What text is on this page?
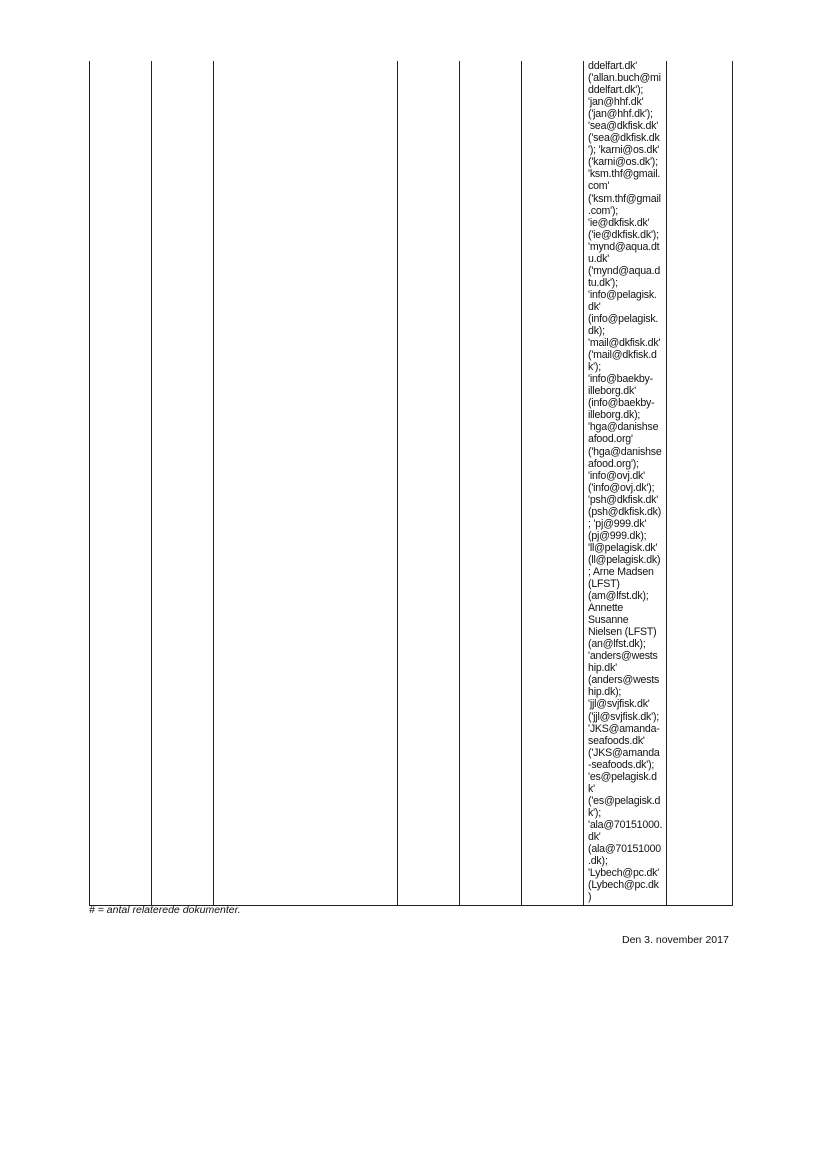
ddelfart.dk'
('allan.buch@mi
ddelfart.dk');
'jan@hhf.dk'
('jan@hhf.dk');
'sea@dkfisk.dk'
('sea@dkfisk.dk
'); 'karni@os.dk'
('karni@os.dk');
'ksm.thf@gmail.
com'
('ksm.thf@gmail
.com');
'ie@dkfisk.dk'
('ie@dkfisk.dk');
'mynd@aqua.dt
u.dk'
('mynd@aqua.d
tu.dk');
'info@pelagisk.
dk'
(info@pelagisk.
dk);
'mail@dkfisk.dk'
('mail@dkfisk.d
k');
'info@baekby-
illeborg.dk'
(info@baekby-
illeborg.dk);
'hga@danishse
afood.org'
('hga@danishse
afood.org');
'info@ovj.dk'
('info@ovj.dk');
'psh@dkfisk.dk'
(psh@dkfisk.dk)
; 'pj@999.dk'
(pj@999.dk);
'll@pelagisk.dk'
(ll@pelagisk.dk)
; Arne Madsen
(LFST)
(am@lfst.dk);
Annette
Susanne
Nielsen (LFST)
(an@lfst.dk);
'anders@wests
hip.dk'
(anders@wests
hip.dk);
'jjl@svjfisk.dk'
('jjl@svjfisk.dk');
'JKS@amanda-
seafoods.dk'
('JKS@amanda
-seafoods.dk');
'es@pelagisk.d
k'
('es@pelagisk.d
k');
'ala@70151000.
dk'
(ala@70151000
.dk);
'Lybech@pc.dk'
(Lybech@pc.dk
)
# = antal relaterede dokumenter.
Den 3. november 2017
